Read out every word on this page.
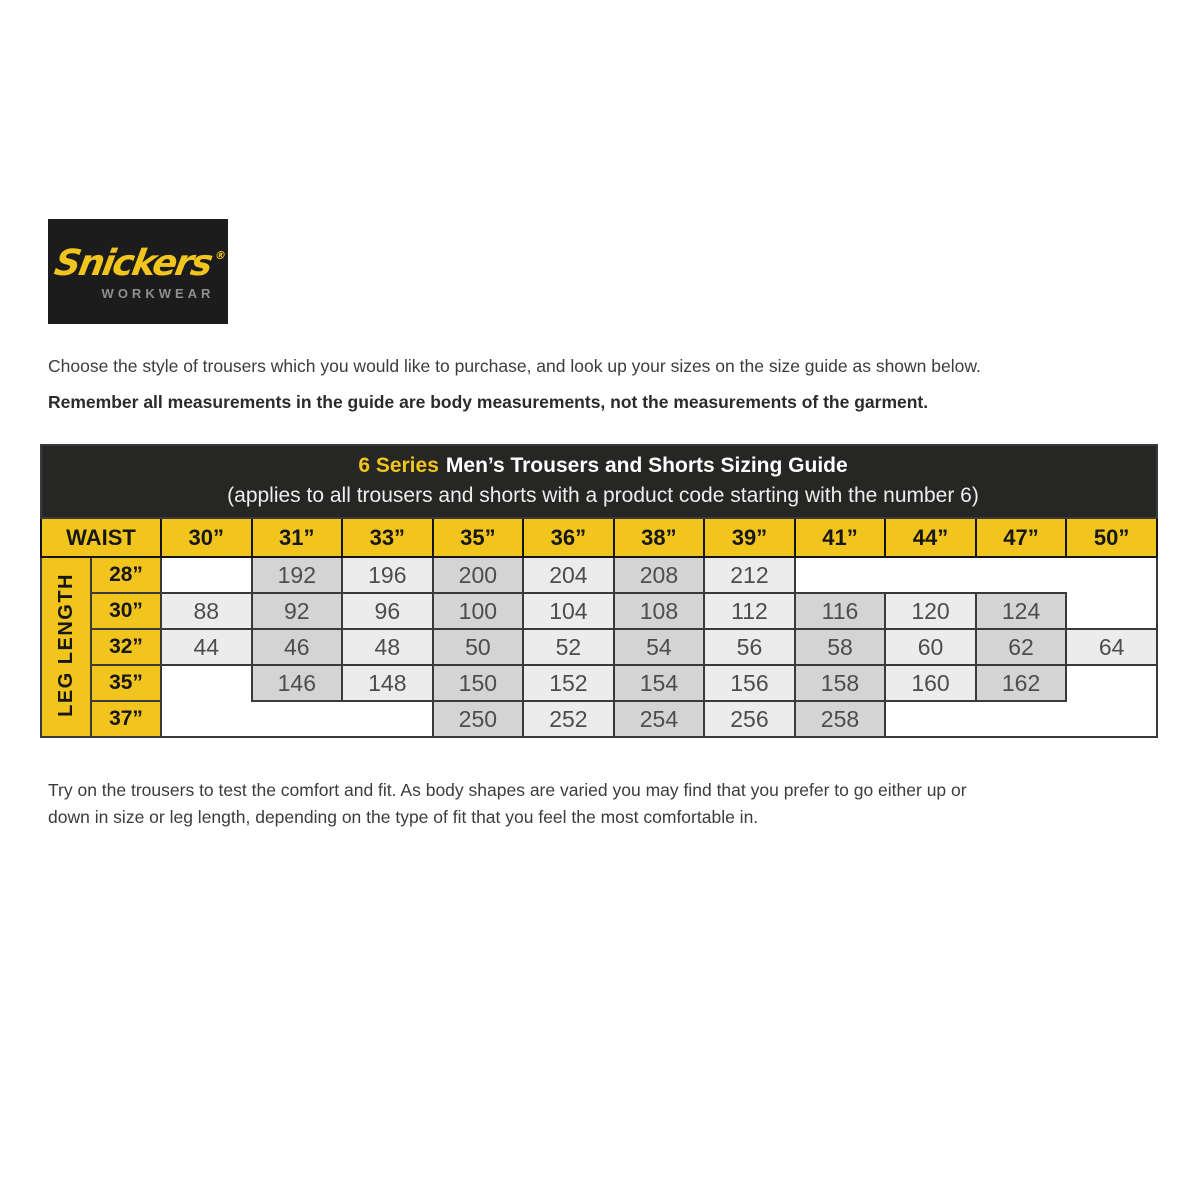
Snickers®
WORKWEAR
Choose the style of trousers which you would like to purchase, and look up your sizes on the size guide as shown below.
Remember all measurements in the guide are body measurements, not the measurements of the garment.
6 Series Men’s Trousers and Shorts Sizing Guide
(applies to all trousers and shorts with a product code starting with the number 6)												

WAIST		30”	31”	33”	35”	36”	38”	39”	41”	44”	47”	50”
LEG LENGTH	28”		192	196	200	204	208	212				
	30”	88	92	96	100	104	108	112	116	120	124	
	32”	44	46	48	50	52	54	56	58	60	62	64
	35”		146	148	150	152	154	156	158	160	162	
	37”				250	252	254	256	258			
Try on the trousers to test the comfort and fit. As body shapes are varied you may find that you prefer to go either up or down in size or leg length, depending on the type of fit that you feel the most comfortable in.
